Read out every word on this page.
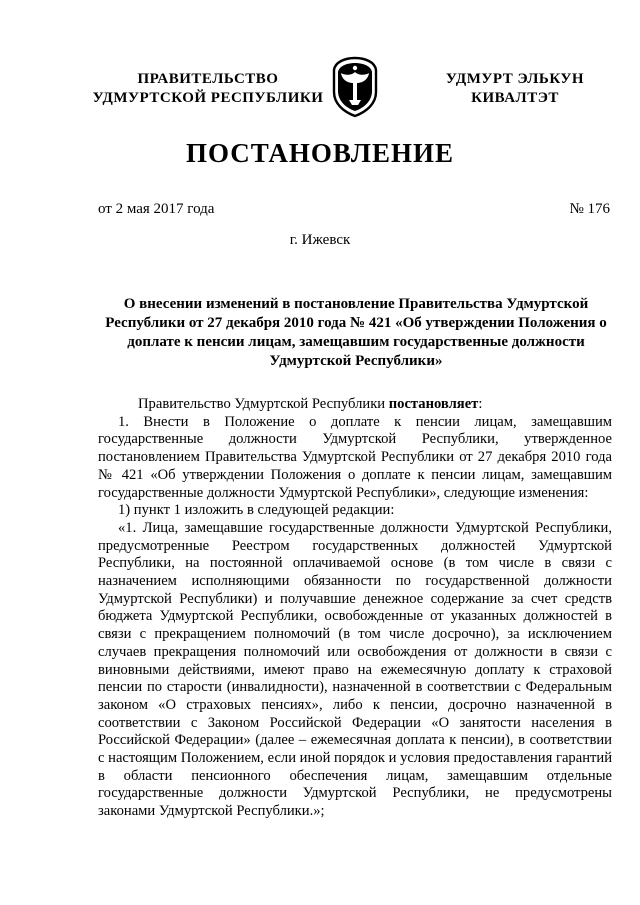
ПРАВИТЕЛЬСТВО
УДМУРТСКОЙ РЕСПУБЛИКИ
УДМУРТ ЭЛЬКУН
КИВАЛТЭТ
ПОСТАНОВЛЕНИЕ
от 2 мая 2017 года	№ 176
г. Ижевск
О внесении изменений в постановление Правительства Удмуртской
Республики от 27 декабря 2010 года № 421 «Об утверждении Положения о
доплате к пенсии лицам, замещавшим государственные должности
Удмуртской Республики»

Правительство Удмуртской Республики постановляет:

1. Внести в Положение о доплате к пенсии лицам, замещавшим государственные должности Удмуртской Республики, утвержденное постановлением Правительства Удмуртской Республики от 27 декабря 2010 года № 421 «Об утверждении Положения о доплате к пенсии лицам, замещавшим государственные должности Удмуртской Республики», следующие изменения:

1) пункт 1 изложить в следующей редакции:

«1. Лица, замещавшие государственные должности Удмуртской Республики, предусмотренные Реестром государственных должностей Удмуртской Республики, на постоянной оплачиваемой основе (в том числе в связи с назначением исполняющими обязанности по государственной должности Удмуртской Республики) и получавшие денежное содержание за счет средств бюджета Удмуртской Республики, освобожденные от указанных должностей в связи с прекращением полномочий (в том числе досрочно), за исключением случаев прекращения полномочий или освобождения от должности в связи с виновными действиями, имеют право на ежемесячную доплату к страховой пенсии по старости (инвалидности), назначенной в соответствии с Федеральным законом «О страховых пенсиях», либо к пенсии, досрочно назначенной в соответствии с Законом Российской Федерации «О занятости населения в Российской Федерации» (далее – ежемесячная доплата к пенсии), в соответствии с настоящим Положением, если иной порядок и условия предоставления гарантий в области пенсионного обеспечения лицам, замещавшим отдельные государственные должности Удмуртской Республики, не предусмотрены законами Удмуртской Республики.»;
